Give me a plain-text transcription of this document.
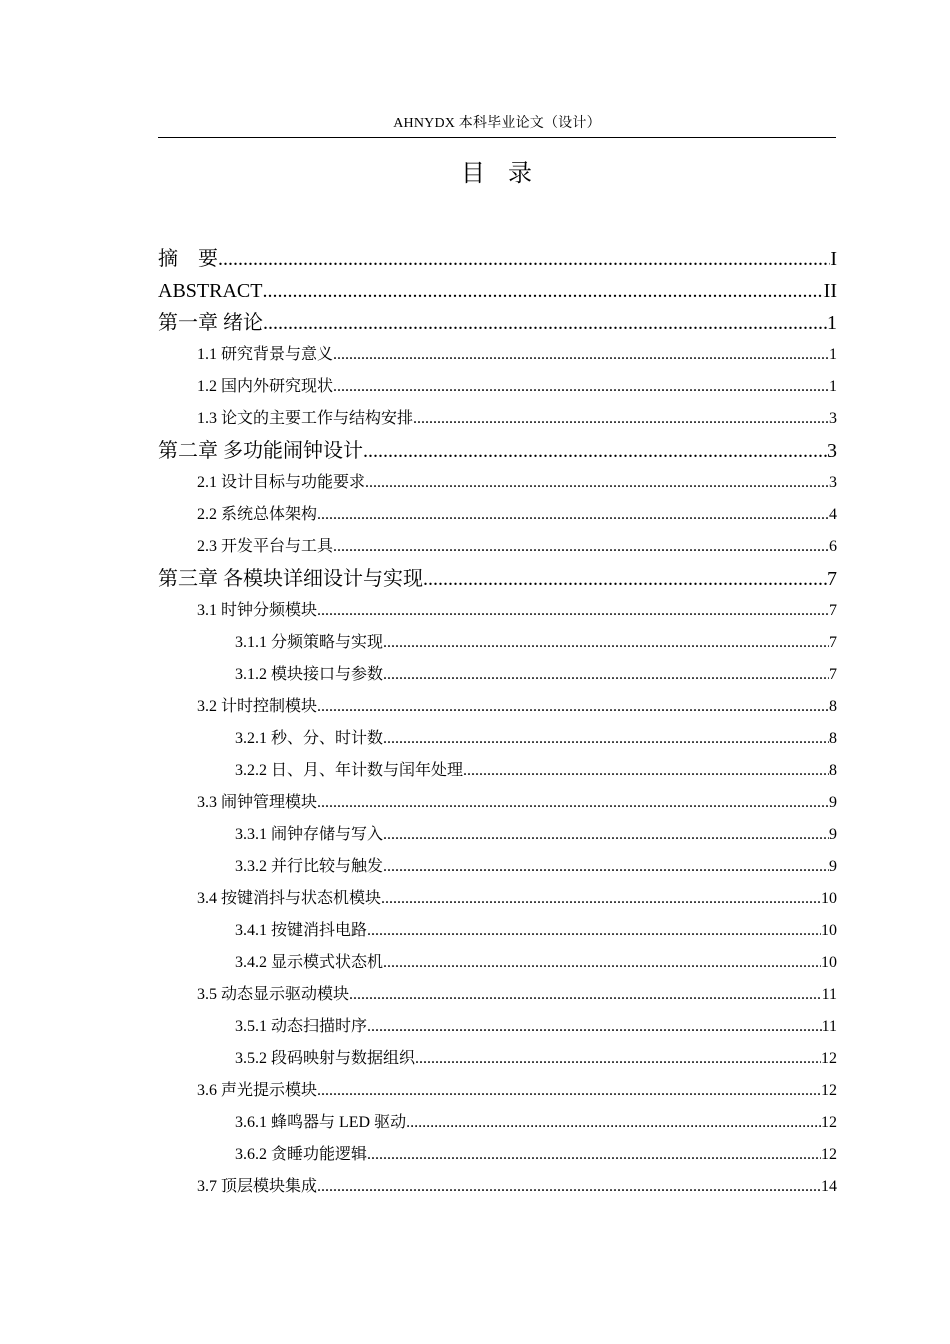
AHNYDX 本科毕业论文（设计）
目 录
摘　要 .....	I
ABSTRACT .....	II
第一章 绪论 .....	1
1.1 研究背景与意义 .....	1
1.2 国内外研究现状 .....	1
1.3 论文的主要工作与结构安排 .....	3
第二章 多功能闹钟设计 .....	3
2.1 设计目标与功能要求 .....	3
2.2 系统总体架构 .....	4
2.3 开发平台与工具 .....	6
第三章 各模块详细设计与实现 .....	7
3.1 时钟分频模块 .....	7
3.1.1 分频策略与实现 .....	7
3.1.2 模块接口与参数 .....	7
3.2 计时控制模块 .....	8
3.2.1 秒、分、时计数 .....	8
3.2.2 日、月、年计数与闰年处理 .....	8
3.3 闹钟管理模块 .....	9
3.3.1 闹钟存储与写入 .....	9
3.3.2 并行比较与触发 .....	9
3.4 按键消抖与状态机模块 .....	10
3.4.1 按键消抖电路 .....	10
3.4.2 显示模式状态机 .....	10
3.5 动态显示驱动模块 .....	11
3.5.1 动态扫描时序 .....	11
3.5.2 段码映射与数据组织 .....	12
3.6 声光提示模块 .....	12
3.6.1 蜂鸣器与 LED 驱动 .....	12
3.6.2 贪睡功能逻辑 .....	12
3.7 顶层模块集成 .....	14
